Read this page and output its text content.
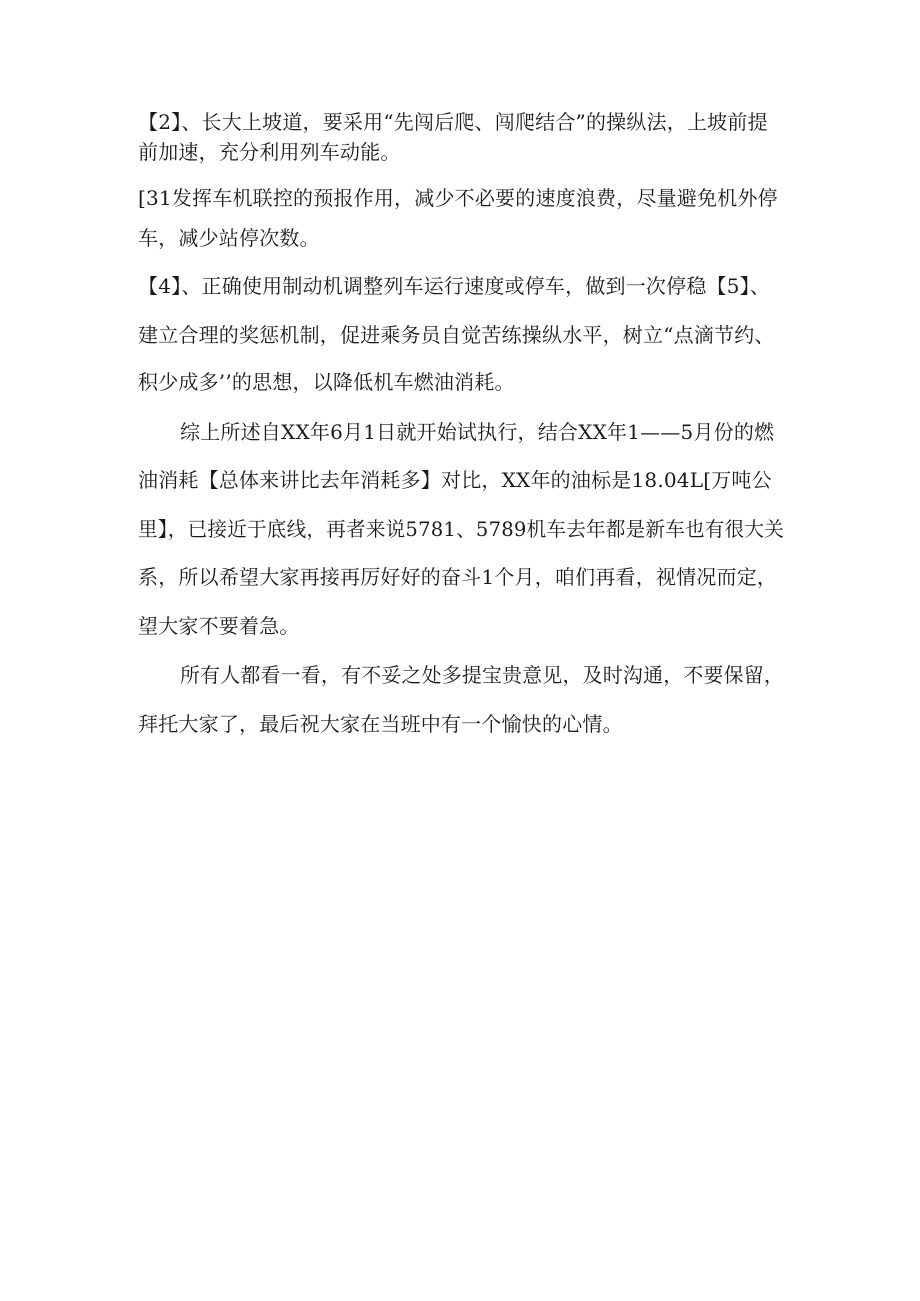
【2】、长大上坡道，要采用“先闯后爬、闯爬结合”的操纵法，上坡前提
前加速，充分利用列车动能。
[31发挥车机联控的预报作用，减少不必要的速度浪费，尽量避免机外停
车，减少站停次数。
【4】、正确使用制动机调整列车运行速度或停车，做到一次停稳【5】、
建立合理的奖惩机制，促进乘务员自觉苦练操纵水平，树立“点滴节约、
积少成多’’的思想，以降低机车燃油消耗。
综上所述自XX年6月1日就开始试执行，结合XX年1——5月份的燃
油消耗【总体来讲比去年消耗多】对比，XX年的油标是18.04L[万吨公
里】，已接近于底线，再者来说5781、5789机车去年都是新车也有很大关
系，所以希望大家再接再厉好好的奋斗1个月，咱们再看，视情况而定，
望大家不要着急。
所有人都看一看，有不妥之处多提宝贵意见，及时沟通，不要保留，
拜托大家了，最后祝大家在当班中有一个愉快的心情。
